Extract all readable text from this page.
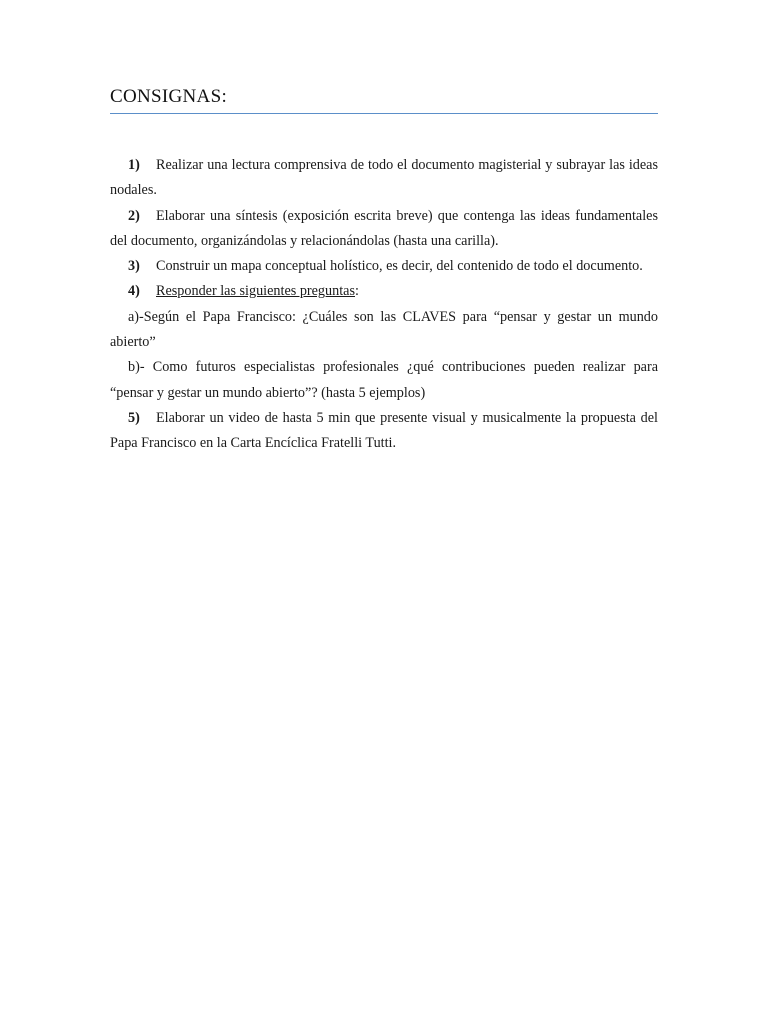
CONSIGNAS:

1) Realizar una lectura comprensiva de todo el documento magisterial y subrayar las ideas nodales.

2) Elaborar una síntesis (exposición escrita breve) que contenga las ideas fundamentales del documento, organizándolas y relacionándolas (hasta una carilla).

3) Construir un mapa conceptual holístico, es decir, del contenido de todo el documento.

4) Responder las siguientes preguntas:

a)-Según el Papa Francisco: ¿Cuáles son las CLAVES para “pensar y gestar un mundo abierto”

b)- Como futuros especialistas profesionales ¿qué contribuciones pueden realizar para “pensar y gestar un mundo abierto”? (hasta 5 ejemplos)

5) Elaborar un video de hasta 5 min que presente visual y musicalmente la propuesta del Papa Francisco en la Carta Encíclica Fratelli Tutti.
